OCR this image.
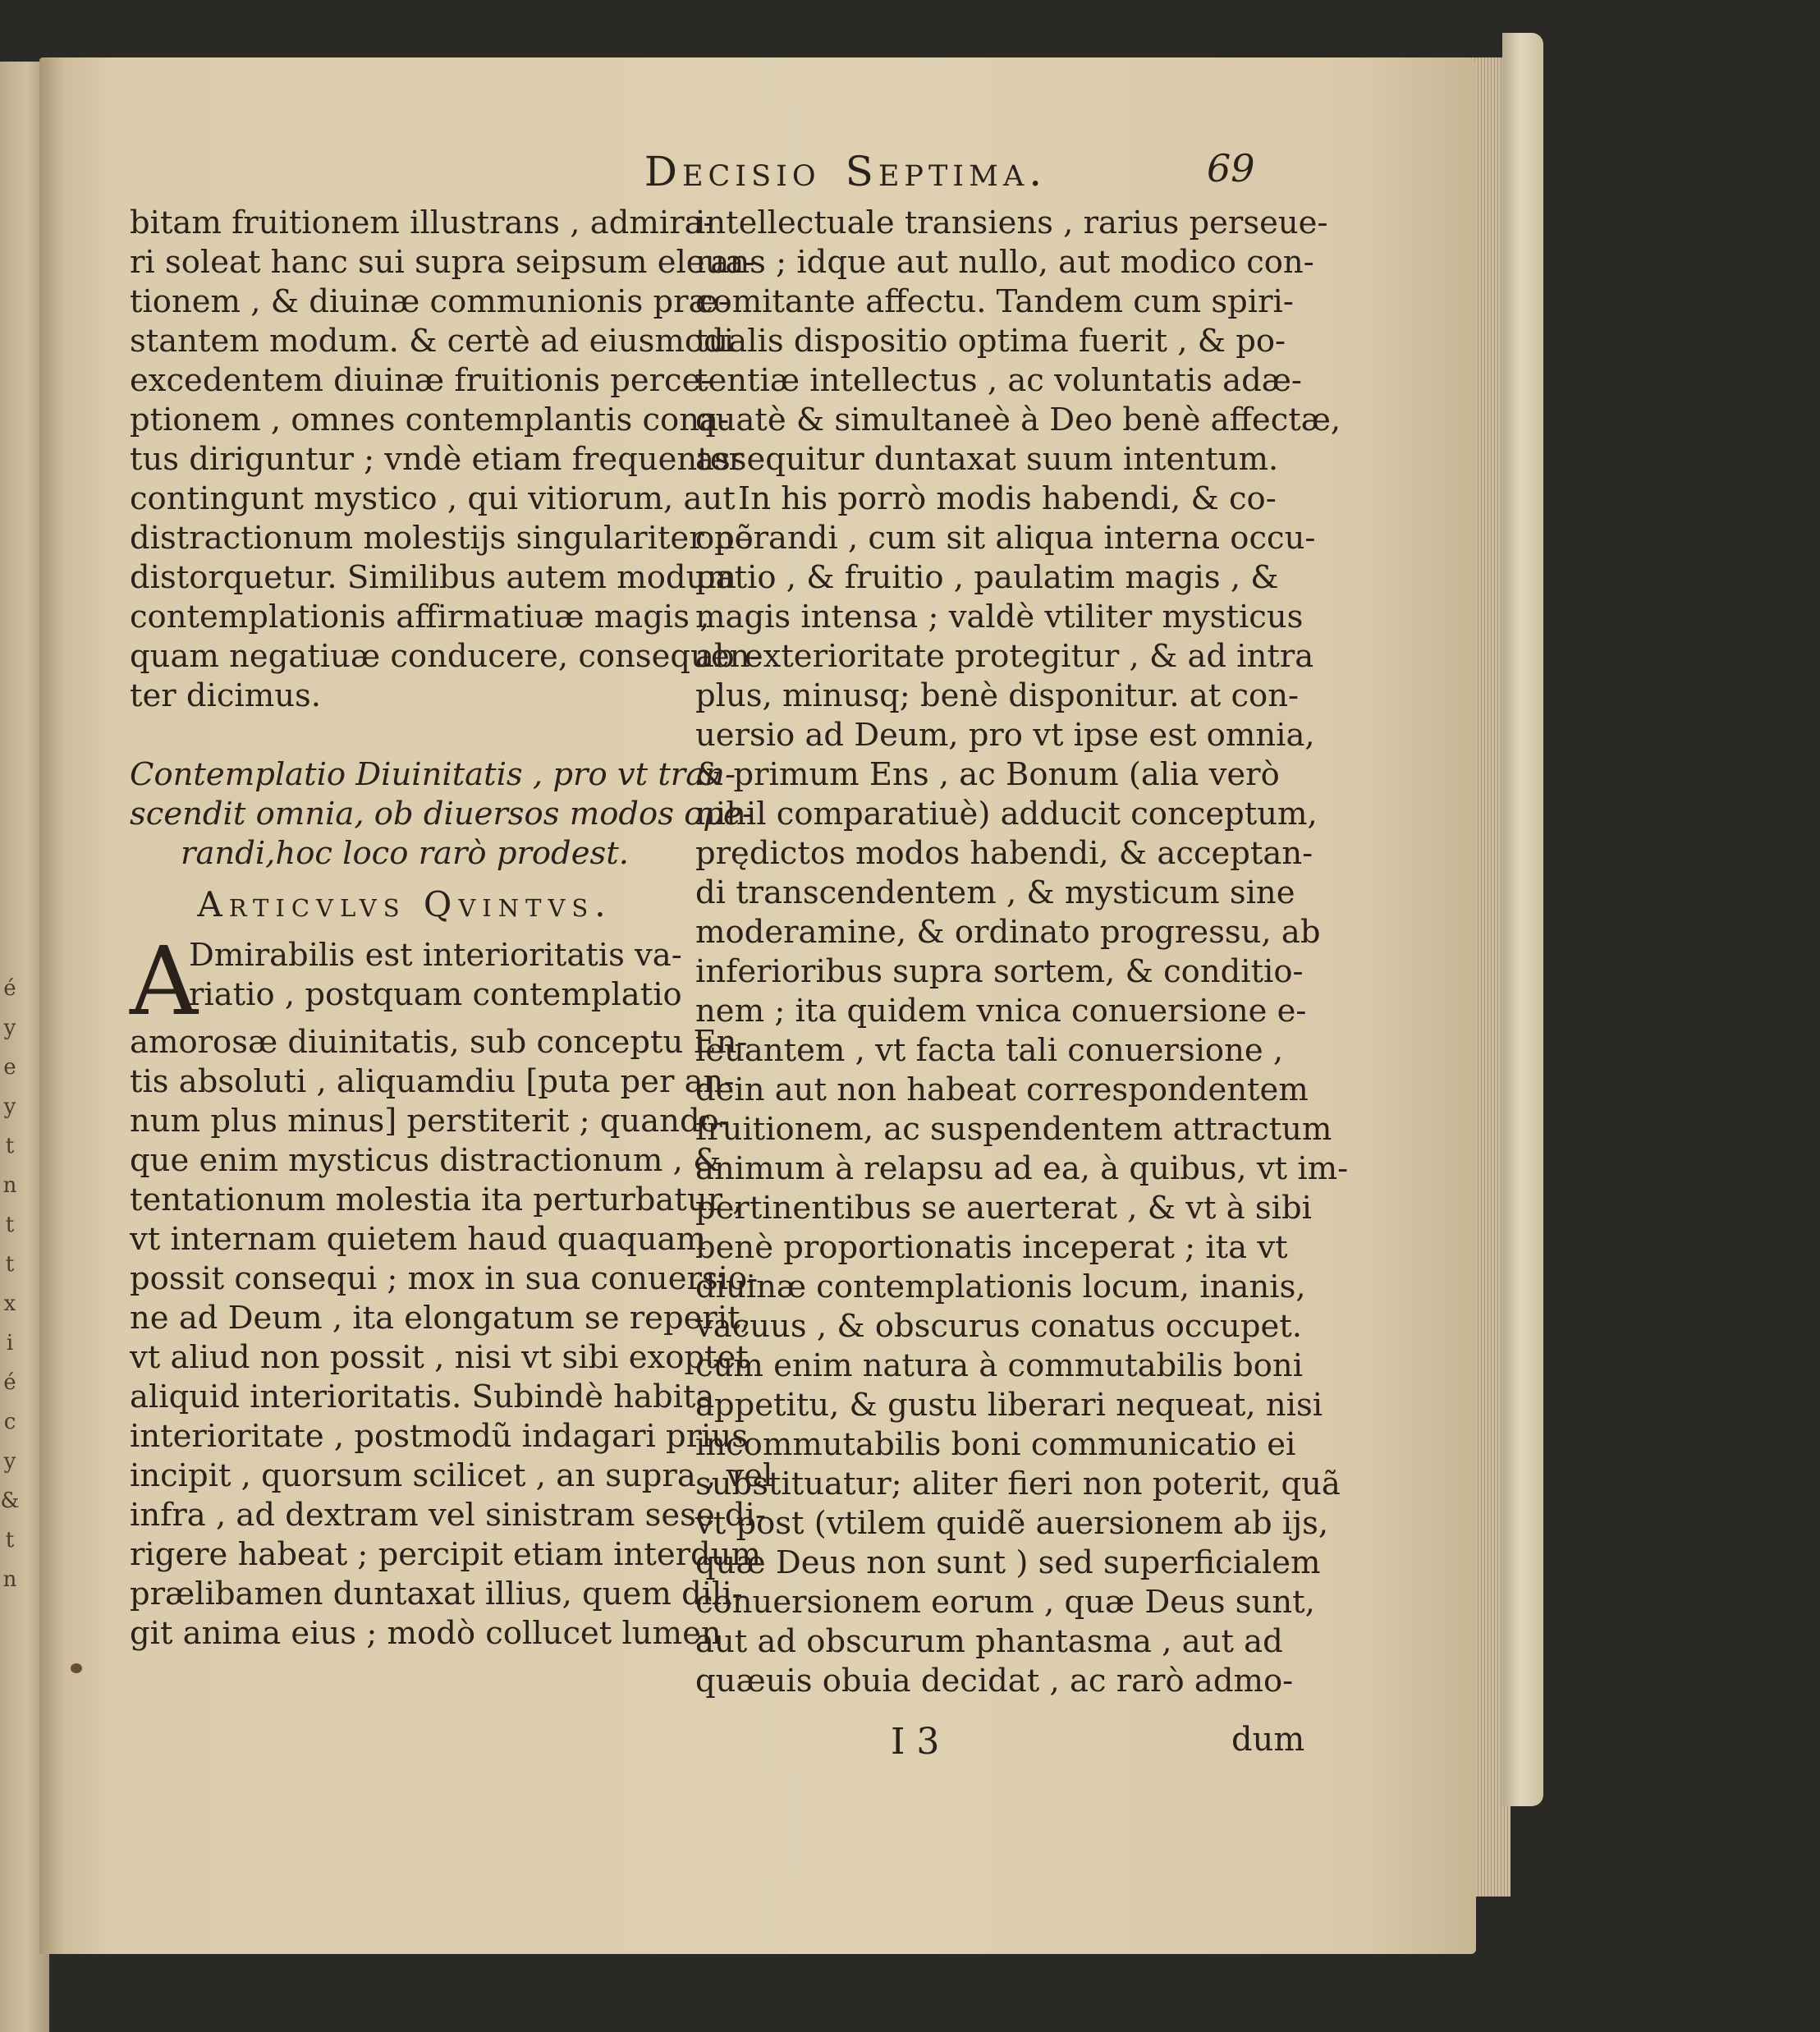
é
y
e
y
t
n
t
t
x
i
é
c
y
&
t
n
Decisio Septima.	69
bitam fruitionem illustrans , admira-
ri soleat hanc sui supra seipsum eleua-
tionem , & diuinæ communionis præ-
stantem modum. & certè ad eiusmodi
excedentem diuinæ fruitionis perce-
ptionem , omnes contemplantis cona-
tus diriguntur ; vndè etiam frequenter
contingunt mystico , qui vitiorum, aut
distractionum molestijs singulariter nõ
distorquetur. Similibus autem modum
contemplationis affirmatiuæ magis ,
quam negatiuæ conducere, consequen-
ter dicimus.
Contemplatio Diuinitatis , pro vt tran-
scendit omnia, ob diuersos modos ope-
randi,hoc loco rarò prodest.
Articvlvs Qvintvs.
A
Dmirabilis est interioritatis va-
riatio , postquam contemplatio
amorosæ diuinitatis, sub conceptu En-
tis absoluti , aliquamdiu [puta per an-
num plus minus] perstiterit ; quando-
que enim mysticus distractionum , &
tentationum molestia ita perturbatur ,
vt internam quietem haud quaquam
possit consequi ; mox in sua conuersio-
ne ad Deum , ita elongatum se reperit,
vt aliud non possit , nisi vt sibi exoptet
aliquid interioritatis. Subindè habita
interioritate , postmodũ indagari prius
incipit , quorsum scilicet , an supra , vel
infra , ad dextram vel sinistram sese di-
rigere habeat ; percipit etiam interdum
prælibamen duntaxat illius, quem dili-
git anima eius ; modò collucet lumen
intellectuale transiens , rarius perseue-
rans ; idque aut nullo, aut modico con-
comitante affectu. Tandem cum spiri-
tualis dispositio optima fuerit , & po-
tentiæ intellectus , ac voluntatis adæ-
quatè & simultaneè à Deo benè affectæ,
assequitur duntaxat suum intentum.
In his porrò modis habendi, & co-
operandi , cum sit aliqua interna occu-
patio , & fruitio , paulatim magis , &
magis intensa ; valdè vtiliter mysticus
ab exterioritate protegitur , & ad intra
plus, minusq; benè disponitur. at con-
uersio ad Deum, pro vt ipse est omnia,
& primum Ens , ac Bonum (alia verò
nihil comparatiuè) adducit conceptum,
prędictos modos habendi, & acceptan-
di transcendentem , & mysticum sine
moderamine, & ordinato progressu, ab
inferioribus supra sortem, & conditio-
nem ; ita quidem vnica conuersione e-
leuantem , vt facta tali conuersione ,
dein aut non habeat correspondentem
fruitionem, ac suspendentem attractum
animum à relapsu ad ea, à quibus, vt im-
pertinentibus se auerterat , & vt à sibi
benè proportionatis inceperat ; ita vt
diuinæ contemplationis locum, inanis,
vacuus , & obscurus conatus occupet.
cum enim natura à commutabilis boni
appetitu, & gustu liberari nequeat, nisi
incommutabilis boni communicatio ei
substituatur; aliter fieri non poterit, quã
vt post (vtilem quidẽ auersionem ab ijs,
quæ Deus non sunt ) sed superficialem
conuersionem eorum , quæ Deus sunt,
aut ad obscurum phantasma , aut ad
quæuis obuia decidat , ac rarò admo-
I 3	dum
